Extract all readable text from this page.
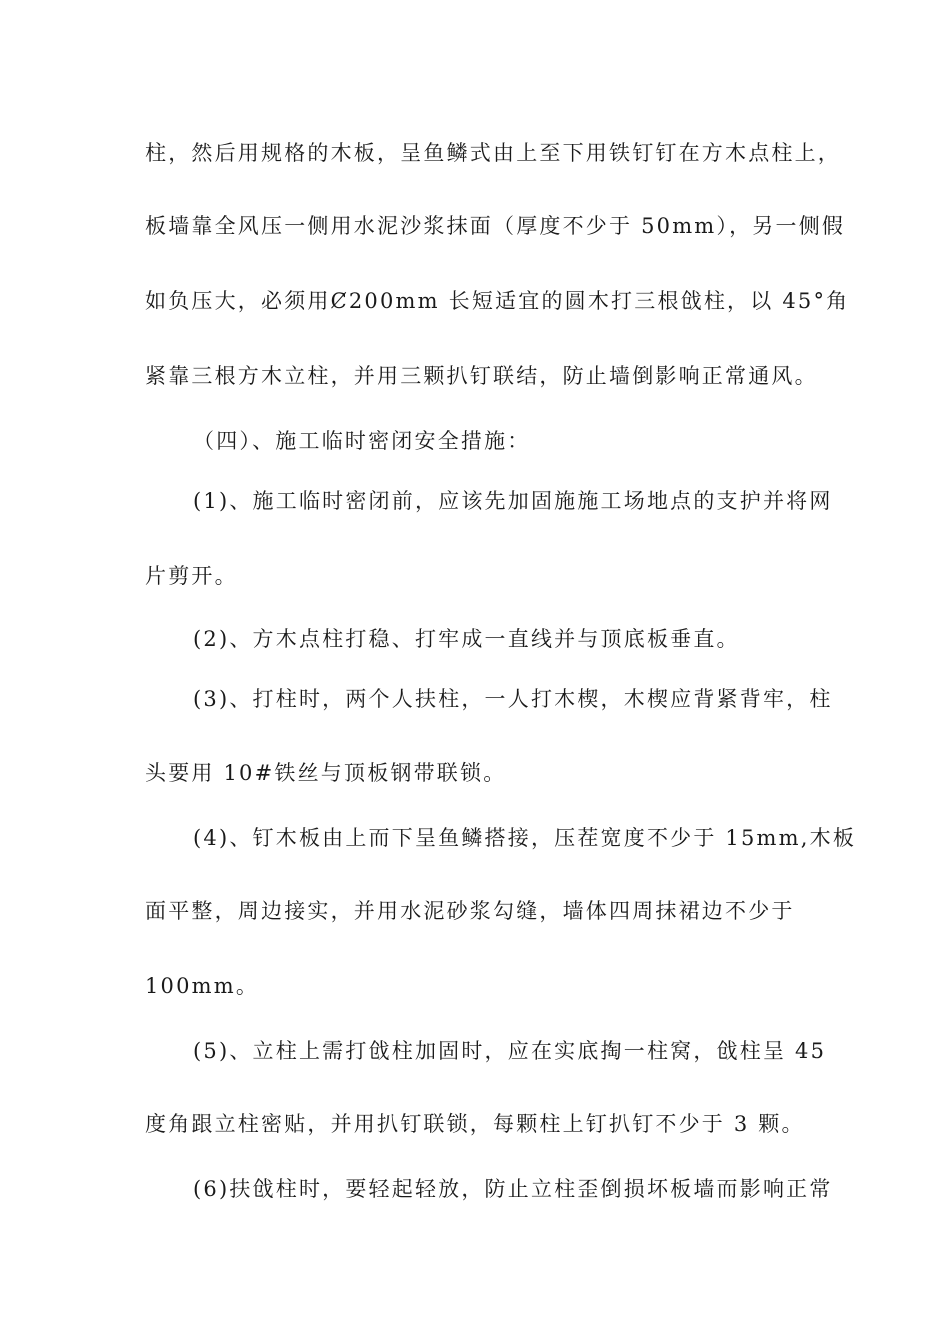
柱，然后用规格的木板，呈鱼鳞式由上至下用铁钉钉在方木点柱上，
板墙靠全风压一侧用水泥沙浆抹面（厚度不少于 50mm），另一侧假
如负压大，必须用Ȼ200mm 长短适宜的圆木打三根戗柱，以 45°角
紧靠三根方木立柱，并用三颗扒钉联结，防止墙倒影响正常通风。
（四）、施工临时密闭安全措施：
(1)、施工临时密闭前，应该先加固施施工场地点的支护并将网
片剪开。
(2)、方木点柱打稳、打牢成一直线并与顶底板垂直。
(3)、打柱时，两个人扶柱，一人打木楔，木楔应背紧背牢，柱
头要用 10#铁丝与顶板钢带联锁。
(4)、钉木板由上而下呈鱼鳞搭接，压茬宽度不少于 15mm,木板
面平整，周边接实，并用水泥砂浆勾缝，墙体四周抹裙边不少于
100mm。
(5)、立柱上需打戗柱加固时，应在实底掏一柱窝，戗柱呈 45
度角跟立柱密贴，并用扒钉联锁，每颗柱上钉扒钉不少于 3 颗。
(6)扶戗柱时，要轻起轻放，防止立柱歪倒损坏板墙而影响正常
